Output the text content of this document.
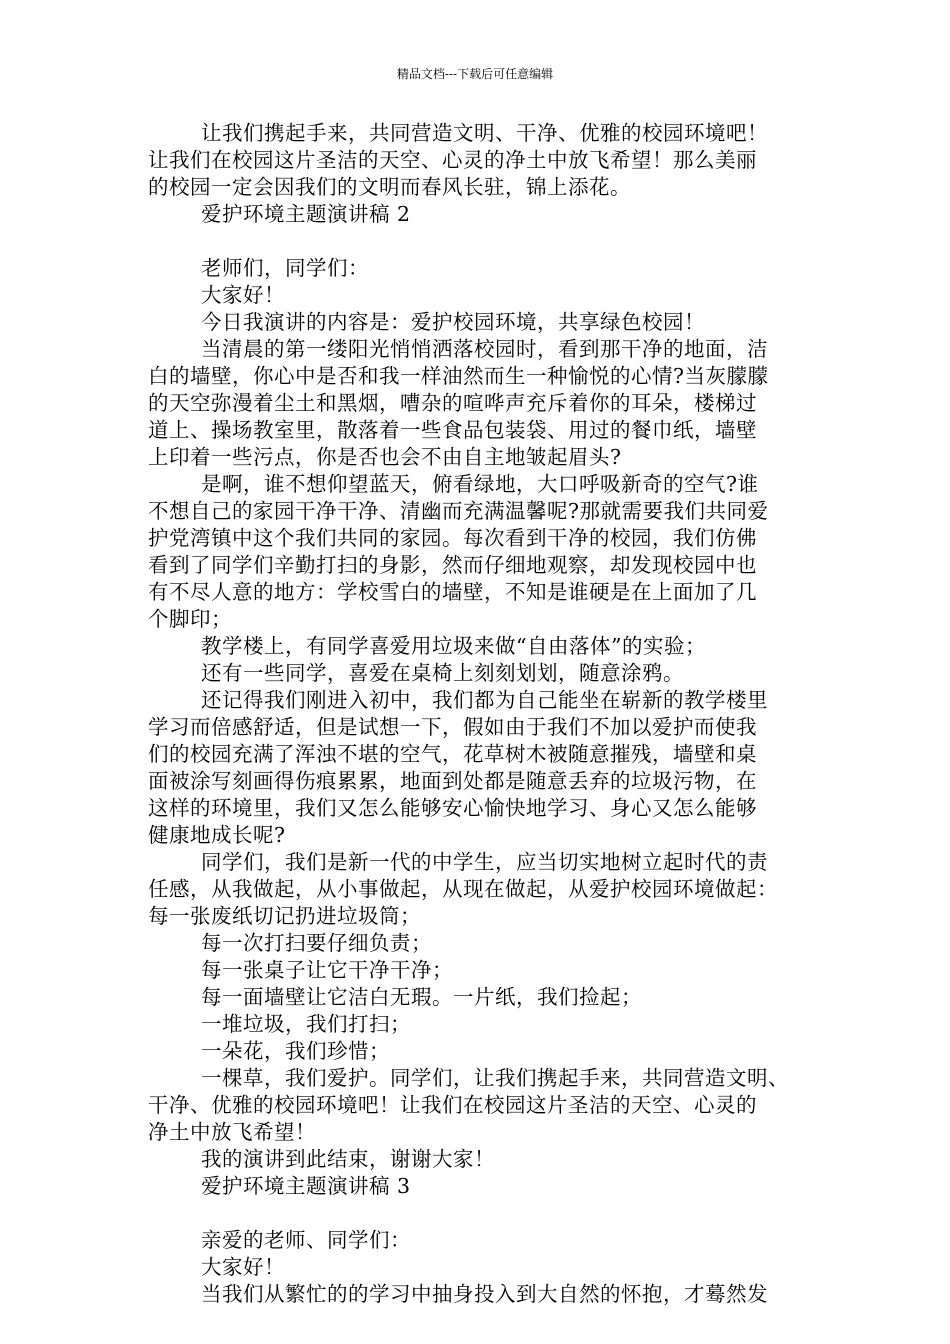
精品文档---下载后可任意编辑
让我们携起手来，共同营造文明、干净、优雅的校园环境吧！
让我们在校园这片圣洁的天空、心灵的净土中放飞希望！那么美丽
的校园一定会因我们的文明而春风长驻，锦上添花。
爱护环境主题演讲稿 2
老师们，同学们：
大家好！
今日我演讲的内容是：爱护校园环境，共享绿色校园！
当清晨的第一缕阳光悄悄洒落校园时，看到那干净的地面，洁
白的墙壁，你心中是否和我一样油然而生一种愉悦的心情?当灰朦朦
的天空弥漫着尘土和黑烟，嘈杂的喧哗声充斥着你的耳朵，楼梯过
道上、操场教室里，散落着一些食品包装袋、用过的餐巾纸，墙壁
上印着一些污点，你是否也会不由自主地皱起眉头?
是啊，谁不想仰望蓝天，俯看绿地，大口呼吸新奇的空气?谁
不想自己的家园干净干净、清幽而充满温馨呢?那就需要我们共同爱
护党湾镇中这个我们共同的家园。每次看到干净的校园，我们仿佛
看到了同学们辛勤打扫的身影，然而仔细地观察，却发现校园中也
有不尽人意的地方：学校雪白的墙壁，不知是谁硬是在上面加了几
个脚印；
教学楼上，有同学喜爱用垃圾来做“自由落体”的实验；
还有一些同学，喜爱在桌椅上刻刻划划，随意涂鸦。
还记得我们刚进入初中，我们都为自己能坐在崭新的教学楼里
学习而倍感舒适，但是试想一下，假如由于我们不加以爱护而使我
们的校园充满了浑浊不堪的空气，花草树木被随意摧残，墙壁和桌
面被涂写刻画得伤痕累累，地面到处都是随意丢弃的垃圾污物，在
这样的环境里，我们又怎么能够安心愉快地学习、身心又怎么能够
健康地成长呢?
同学们，我们是新一代的中学生，应当切实地树立起时代的责
任感，从我做起，从小事做起，从现在做起，从爱护校园环境做起：
每一张废纸切记扔进垃圾筒；
每一次打扫要仔细负责；
每一张桌子让它干净干净；
每一面墙壁让它洁白无瑕。一片纸，我们捡起；
一堆垃圾，我们打扫；
一朵花，我们珍惜；
一棵草，我们爱护。同学们，让我们携起手来，共同营造文明、
干净、优雅的校园环境吧！让我们在校园这片圣洁的天空、心灵的
净土中放飞希望！
我的演讲到此结束，谢谢大家！
爱护环境主题演讲稿 3
亲爱的老师、同学们：
大家好！
当我们从繁忙的的学习中抽身投入到大自然的怀抱，才蓦然发
